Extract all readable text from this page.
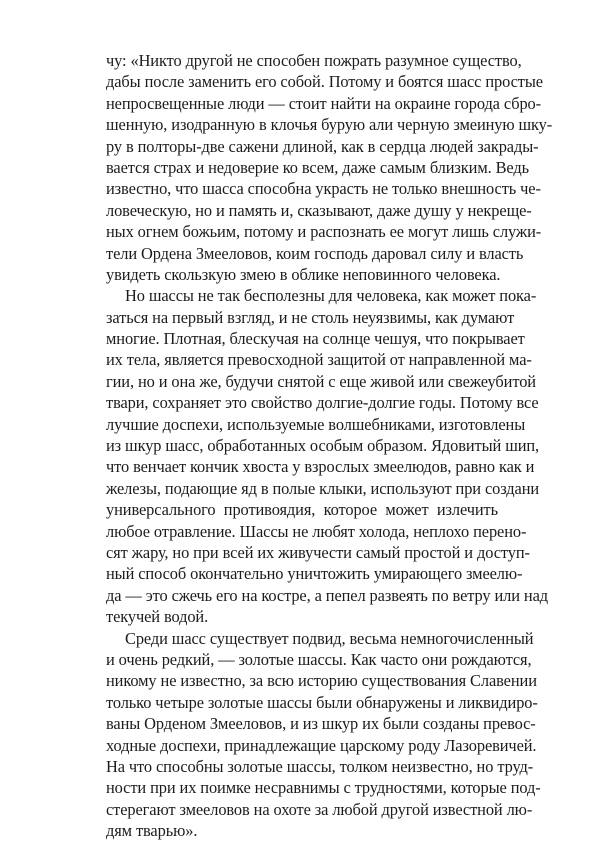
чу: «Никто другой не способен пожрать разумное существо,
дабы после заменить его собой. Потому и боятся шасс простые
непросвещенные люди — стоит найти на окраине города сбро-
шенную, изодранную в клочья бурую али черную змеиную шку-
ру в полторы-две сажени длиной, как в сердца людей закрады-
вается страх и недоверие ко всем, даже самым близким. Ведь
известно, что шасса способна украсть не только внешность че-
ловеческую, но и память и, сказывают, даже душу у некреще-
ных огнем божьим, потому и распознать ее могут лишь служи-
тели Ордена Змееловов, коим господь даровал силу и власть
увидеть скользкую змею в облике неповинного человека.
Но шассы не так бесполезны для человека, как может пока-
заться на первый взгляд, и не столь неуязвимы, как думают
многие. Плотная, блескучая на солнце чешуя, что покрывает
их тела, является превосходной защитой от направленной ма-
гии, но и она же, будучи снятой с еще живой или свежеубитой
твари, сохраняет это свойство долгие-долгие годы. Потому все
лучшие доспехи, используемые волшебниками, изготовлены
из шкур шасс, обработанных особым образом. Ядовитый шип,
что венчает кончик хвоста у взрослых змеелюдов, равно как и
железы, подающие яд в полые клыки, используют при создани
универсального противоядия, которое может излечить
любое отравление. Шассы не любят холода, неплохо перено-
сят жару, но при всей их живучести самый простой и доступ-
ный способ окончательно уничтожить умирающего змеелю-
да — это сжечь его на костре, а пепел развеять по ветру или над
текучей водой.
Среди шасс существует подвид, весьма немногочисленный
и очень редкий, — золотые шассы. Как часто они рождаются,
никому не известно, за всю историю существования Славении
только четыре золотые шассы были обнаружены и ликвидиро-
ваны Орденом Змееловов, и из шкур их были созданы превос-
ходные доспехи, принадлежащие царскому роду Лазоревичей.
На что способны золотые шассы, толком неизвестно, но труд-
ности при их поимке несравнимы с трудностями, которые под-
стерегают змееловов на охоте за любой другой известной лю-
дям тварью».
